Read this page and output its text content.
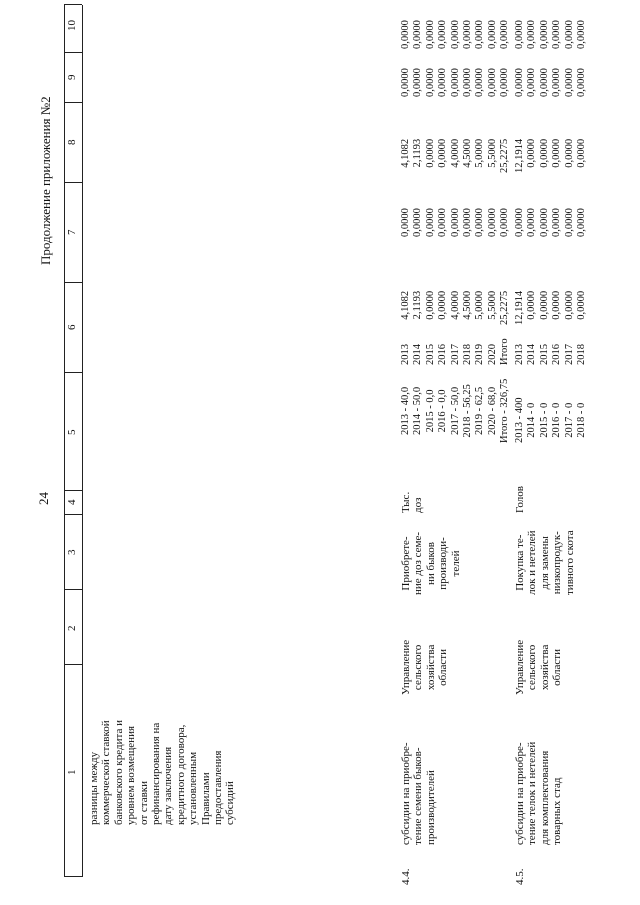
Продолжение приложения №2
24
1
2
3
4
5
6
7
8
9
10
разницы между
коммерческой ставкой
банковского кредита и
уровнем возмещения
от ставки
рефинансирования на
дату заключения
кредитного договора,
установленным
Правилами
предоставления
субсидий
4.4.
субсидии на приобре-
тение семени быков-
производителей
Управление
сельского
хозяйства
области
Приобрете-
ние доз семе-
ни быков
производи-
телей
Тыс.
доз
2013 - 40,0
2014 - 50,0
2015 - 0,0
2016 - 0,0
2017 - 50,0
2018 - 56,25
2019 - 62,5
2020 - 68,0
Итого - 326,75
2013
2014
2015
2016
2017
2018
2019
2020
Итого
4,1082
2,1193
0,0000
0,0000
4,0000
4,5000
5,0000
5,5000
25,2275
0,0000
0,0000
0,0000
0,0000
0,0000
0,0000
0,0000
0,0000
0,0000
4,1082
2,1193
0,0000
0,0000
4,0000
4,5000
5,0000
5,5000
25,2275
0,0000
0,0000
0,0000
0,0000
0,0000
0,0000
0,0000
0,0000
0,0000
0,0000
0,0000
0,0000
0,0000
0,0000
0,0000
0,0000
0,0000
0,0000
4.5.
субсидии на приобре-
тение телок и нетелей
для комплектования
товарных стад
Управление
сельского
хозяйства
области
Покупка те-
лок и нетелей
для замены
низкопродук-
тивного скота
Голов
2013 - 400
2014 - 0
2015 - 0
2016 - 0
2017 - 0
2018 - 0
2013
2014
2015
2016
2017
2018
12,1914
0,0000
0,0000
0,0000
0,0000
0,0000
0,0000
0,0000
0,0000
0,0000
0,0000
0,0000
12,1914
0,0000
0,0000
0,0000
0,0000
0,0000
0,0000
0,0000
0,0000
0,0000
0,0000
0,0000
0,0000
0,0000
0,0000
0,0000
0,0000
0,0000
